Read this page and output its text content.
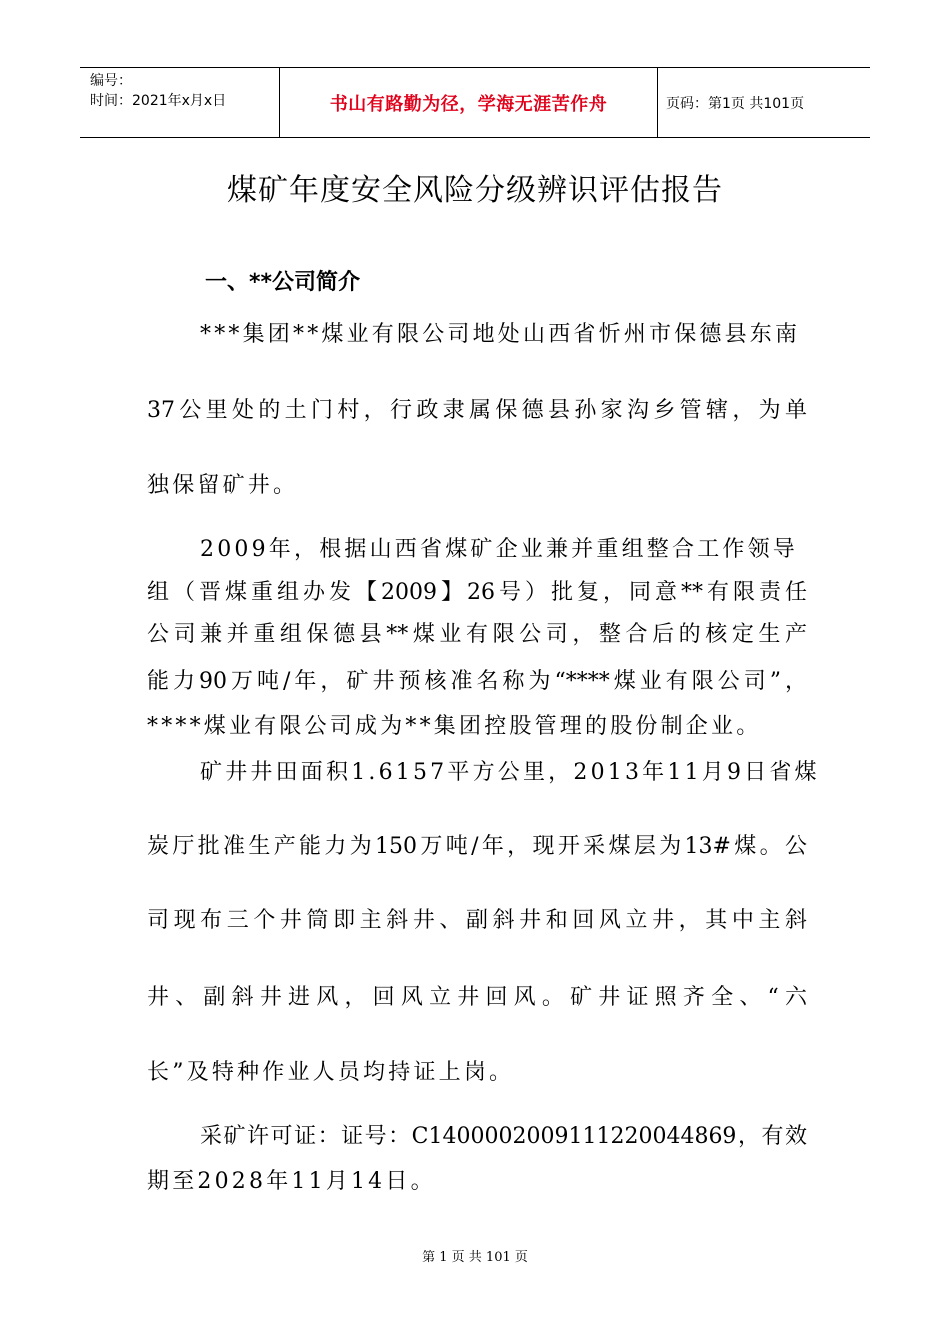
编号：
时间：2021年x月x日	书山有路勤为径，学海无涯苦作舟	页码：第1页 共101页
煤矿年度安全风险分级辨识评估报告
一、**公司简介
***集团**煤业有限公司地处山西省忻州市保德县东南
37公里处的土门村，行政隶属保德县孙家沟乡管辖，为单
独保留矿井。
2009年，根据山西省煤矿企业兼并重组整合工作领导
组（晋煤重组办发【2009】26号）批复，同意**有限责任
公司兼并重组保德县**煤业有限公司，整合后的核定生产
能力90万吨/年，矿井预核准名称为“****煤业有限公司”，
****煤业有限公司成为**集团控股管理的股份制企业。
矿井井田面积1.6157平方公里，2013年11月9日省煤
炭厅批准生产能力为150万吨/年，现开采煤层为13#煤。公
司现布三个井筒即主斜井、副斜井和回风立井，其中主斜
井、副斜井进风，回风立井回风。矿井证照齐全、“六
长”及特种作业人员均持证上岗。
采矿许可证：证号：C1400002009111220044869，有效
期至2028年11月14日。
第 1 页 共 101 页
